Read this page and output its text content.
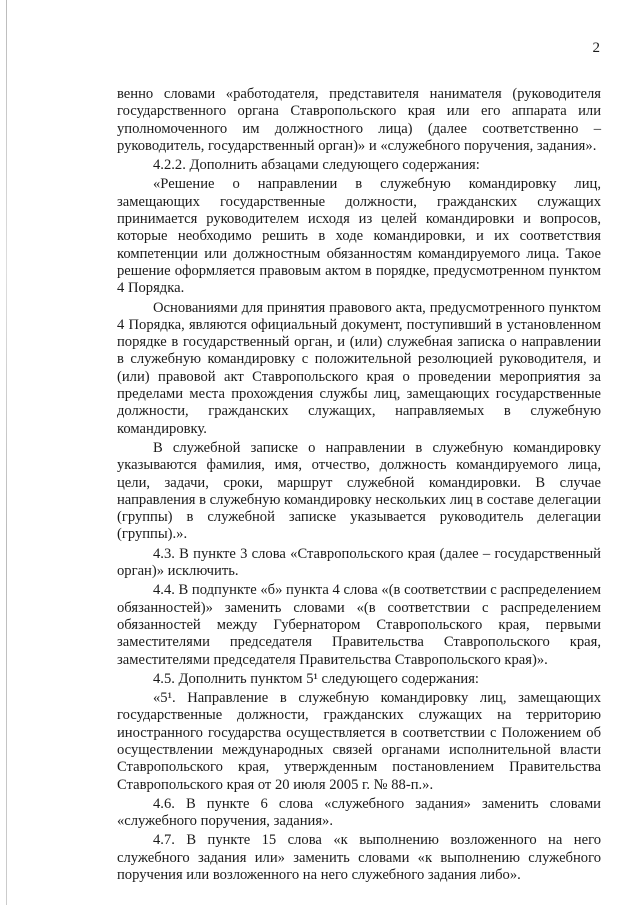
2

венно словами «работодателя, представителя нанимателя (руководителя государственного органа Ставропольского края или его аппарата или уполномоченного им должностного лица) (далее соответственно – руководитель, государственный орган)» и «служебного поручения, задания».

4.2.2. Дополнить абзацами следующего содержания:

«Решение о направлении в служебную командировку лиц, замещающих государственные должности, гражданских служащих принимается руководителем исходя из целей командировки и вопросов, которые необходимо решить в ходе командировки, и их соответствия компетенции или должностным обязанностям командируемого лица. Такое решение оформляется правовым актом в порядке, предусмотренном пунктом 4 Порядка.

Основаниями для принятия правового акта, предусмотренного пунктом 4 Порядка, являются официальный документ, поступивший в установленном порядке в государственный орган, и (или) служебная записка о направлении в служебную командировку с положительной резолюцией руководителя, и (или) правовой акт Ставропольского края о проведении мероприятия за пределами места прохождения службы лиц, замещающих государственные должности, гражданских служащих, направляемых в служебную командировку.

В служебной записке о направлении в служебную командировку указываются фамилия, имя, отчество, должность командируемого лица, цели, задачи, сроки, маршрут служебной командировки. В случае направления в служебную командировку нескольких лиц в составе делегации (группы) в служебной записке указывается руководитель делегации (группы).».

4.3. В пункте 3 слова «Ставропольского края (далее – государственный орган)» исключить.

4.4. В подпункте «б» пункта 4 слова «(в соответствии с распределением обязанностей)» заменить словами «(в соответствии с распределением обязанностей между Губернатором Ставропольского края, первыми заместителями председателя Правительства Ставропольского края, заместителями председателя Правительства Ставропольского края)».

4.5. Дополнить пунктом 5¹ следующего содержания:

«5¹. Направление в служебную командировку лиц, замещающих государственные должности, гражданских служащих на территорию иностранного государства осуществляется в соответствии с Положением об осуществлении международных связей органами исполнительной власти Ставропольского края, утвержденным постановлением Правительства Ставропольского края от 20 июля 2005 г. № 88-п.».

4.6. В пункте 6 слова «служебного задания» заменить словами «служебного поручения, задания».

4.7. В пункте 15 слова «к выполнению возложенного на него служебного задания или» заменить словами «к выполнению служебного поручения или возложенного на него служебного задания либо».
